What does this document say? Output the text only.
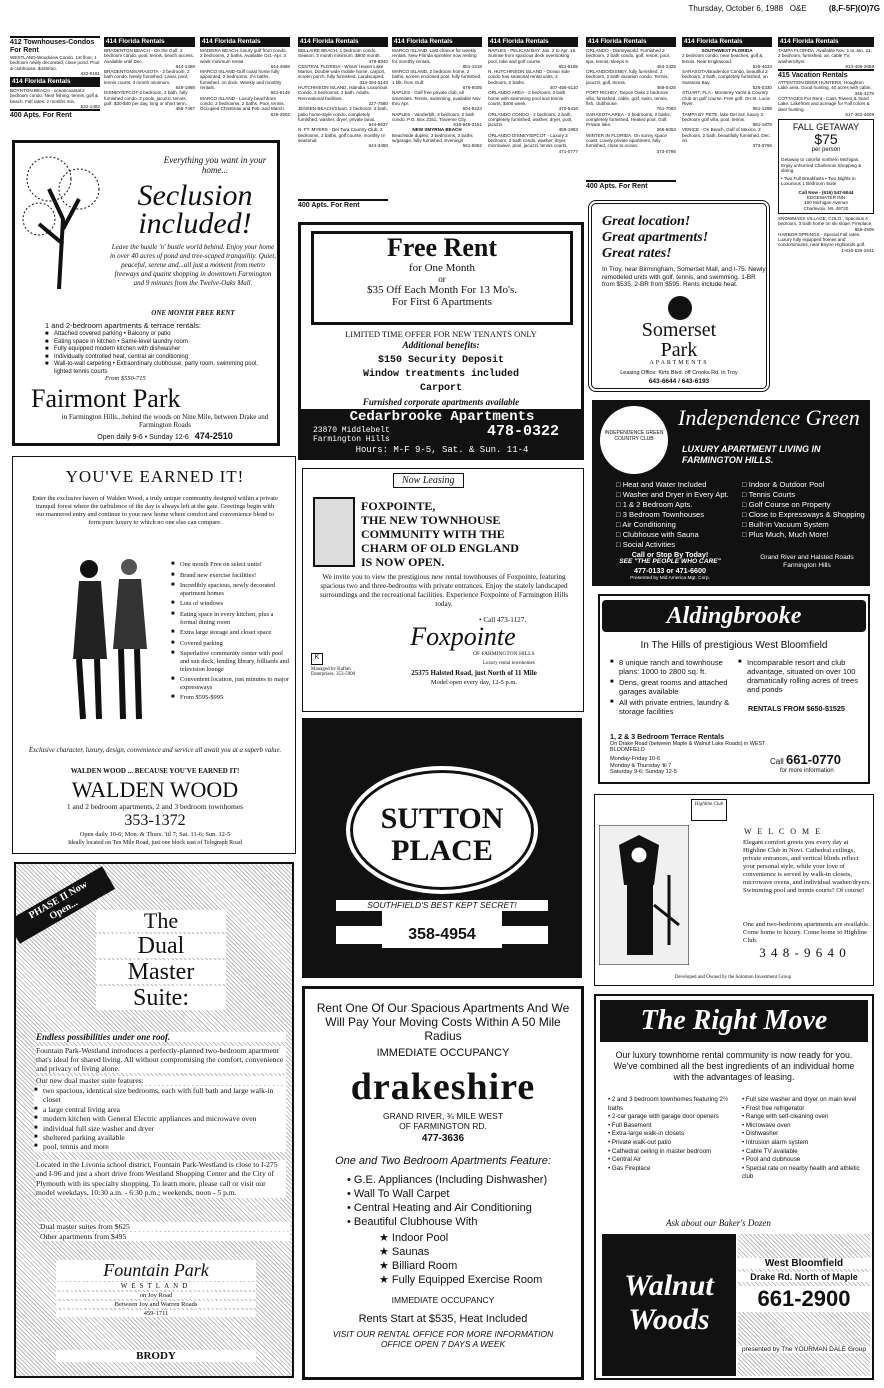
Thursday, October 6, 1988 O&E	(8,F-5F)(O)7G
412 Townhouses-Condos For Rent
WESTLAND-Woodview Condo, 1st floor, 1 bedroom newly decorated, close pond. Pool & clubhouse. $425/mo.
422-5181
414 Florida Rentals
BOYNTON BEACH - oceancoastal 2 bedroom condo. Near fishing, tennis, golf & beach. Fall rates. 2 months min.
532-1482
400 Apts. For Rent
414 Florida Rentals
BRADENTON BEACH - On the Gulf. 2 bedroom condo, pool, tennis, beach access. Available until Dec.
644-1458
BRADENTON/SARASOTA - 2 bedroom, 2 bath condo. Newly furnished. Lanai, pool, tennis courts, 3 month minimum.
648-1868
DISNEY/EPCOT-2 bedroom, 2 bath, fully furnished condo. 2 pools, jacuzzi, tennis, golf. $30-$40 per day, long or short term.
455-7467
414 Florida Rentals
MADEIRA BEACH, luxury gulf front condo, 2 bedrooms, 2 baths. Available Oct.-Apr. 3 week minimum rental.
644-4868
MARCO ISLAND-Gulf coast home fully appointed, 2 bedrooms, 2½ baths, furnished, on dock. Weekly and monthly rentals.
661-6145
MARCO ISLAND - Luxury beachfront condo. 2 bedrooms, 2 baths. Pool, tennis. Occupied Christmas and Feb. and March.
626-2502
414 Florida Rentals
BELLAIRE BEACH, 1 bedroom condo. Season, 3 month minimum. $900 month.
478-6940
CENTRAL FLORIDA - Winter Haven Lake Marion. Double wide mobile home, carport, screen porch, fully furnished. Landscaped.
313-394-5140
HUTCHINSON ISLAND, Islandia. Luxurious Condo, 2 bedrooms, 2 bath. Adults. Recreational facilities.
227-7580
JENSEN BEACH/Stuart, 2 bedroom, 2 bath, patio home-style condo, completely furnished, washer, dryer, private lanai.
644-9637
N. FT. MYERS - Del Tura Country Club, 2 bedrooms, 2 baths, golf course, monthly or seasonal.
644-3450
400 Apts. For Rent
414 Florida Rentals
MARCO ISLAND: Last chance for weekly rentals. New Florida sprinkler now renting for monthly rentals.
851-1618
MARCO ISLAND, 2 bedroom home, 2 baths, screen enclosed pool, fully furnished. 1 blk. from Gulf.
676-6005
NAPLES - Golf free private club, all amenities. Tennis, swimming, available Nov thru Apr.
504-9224
NAPLES - Vanderbilt, 3 bedroom, 2 bath condo. P.O. Box 3151, Traverse City.
616-946-3151
NEW SMYRNA BEACH
Beachside duplex, 2 bedrooms, 2 baths w/garage, fully furnished. Evenings
561-5652
414 Florida Rentals
NAPLES - PELICAN BAY. Jan. 2 to Apr. 15. Sunrise from spacious deck overlooking pool, lake and golf course.
651-5185
N. HUTCHINSON ISLAND - Ocean side condo has seasonal rental units, 2 bedroom, 2 baths.
407-465-6110
ORLANDO AREA - 2 bedroom, 2 bath home with swimming pool and tennis courts, $400 week.
470-5416
ORLANDO CONDO - 2 bedroom, 2 bath, completely furnished, washer, dryer, pool, jacuzzi.
459-1983
ORLANDO DISNEY/EPCOT - Luxury 2 bedroom, 2 bath condo, washer, dryer, microwave, pool, jacuzzi, tennis courts.
471-0777
414 Florida Rentals
ORLANDO - Disneyworld. Furnished 2 bedroom, 2 bath condo, golf, resort, pool, spa, tennis, sleeps 6.
453-2325
ORLANDO/DISNEY, fully furnished, 2 bedroom, 2 bath vacation condo. Tennis, jacuzzi, golf, tennis.
458-0425
PORT RICHEY, Tarpon Oaks 2 bedroom villa, furnished, cable, golf, swim, tennis, fish, clubhouse.
761-7063
SARASOTA AREA - 2 bedrooms, 2 baths, completely furnished. Heated pool, Golf. Private lake.
266-5053
WINTER IN FLORIDA. On sunny space coast. Lovely private apartment, fully furnished, close to ocean.
373-0766
400 Apts. For Rent
414 Florida Rentals
SOUTHWEST FLORIDA
2 bedroom condo, near beaches, golf & tennis. Near Englewood.
625-4634
SARASOTA/Bradenton Condo, beautiful 2 bedroom, 2 bath, completely furnished, on Sarasota Bay.
525-0330
STUART, FLA - Monterey Yacht & Country Club on golf course. Free golf. On St. Lucie River.
961-1298
TAMPA BY PETE, lake Del Sol, luxury 2 bedroom golf villa, pool, tennis.
981-1879
VENICE - On Beach, Gulf of Mexico. 2 bedroom, 2 bath, beautifully furnished. Dec. on.
373-0766
414 Florida Rentals
TAMPA FLORIDA. Available Nov. 1 to Jan. 21, 2 bedroom, furnished, air, cable TV, washer/dryer.
813-406-2658
415 Vacation Rentals
ATTENTION DEER HUNTERS. Houghton Lake area. Good hunting, 40 acres with cabin.
345-4278
COTTAGES For Rent - Cass Towers & Sand Lake. Lakefront and acreage for Fall colors & deer hunting.
517-362-4609
FALL GETAWAY
$75
per person
Getaway to colorful northern Michigan. Enjoy unhurried Charlevoix Shopping & dining.
• Two Full Breakfasts • Two Nights in Luxurious 1 Bedroom Suite
Call Now - (616) 547-6044
EDGEWATER INN
100 Michigan Avenue
Charlevoix, MI. 49720
SNOWMASS VILLAGE, COLO., Spacious 4 bedroom, 3 bath home on ski slope. Fireplace.
665-4505
HARBOR SPRINGS - Special Fall rates. Luxury fully equipped homes and condominiums, near Boyne Highlands golf.
1-616-526-2641
Everything you want in your home...
Seclusion
included!
Leave the hustle 'n' bustle world behind. Enjoy your home in over 40 acres of pond and tree-scaped tranquility. Quiet, peaceful, serene and...all just a moment from metro freeways and quaint shopping in downtown Farmington and 9 minutes from the Twelve-Oaks Mall.
ONE MONTH FREE RENT
1 and 2-bedroom apartments & terrace rentals:
■ Attached covered parking • Balcony or patio
■ Eating space in kitchen • Same-level laundry room
■ Fully equipped modern kitchen with dishwasher
■ Individually controlled heat, central air conditioning
■ Wall-to-wall carpeting • Extraordinary clubhouse, party room, swimming pool, lighted tennis courts
From $550-715
Fairmont Park
in Farmington Hills...behind the woods on Nine Mile, between Drake and Farmington Roads
Open daily 9-6 • Sunday 12-6 474-2510
YOU'VE EARNED IT!
Enter the exclusive haven of Walden Wood, a truly unique community designed within a private tranquil forest where the turbulence of the day is always left at the gate. Greetings begin with our mannered entry and continue to your new home where comfort and convenience blend to form pure luxury to which no one else can compare.
■ One month Free on select units!
■ Brand new exercise facilities!
■ Incredibly spacious, newly decorated apartment homes
■ Lots of windows
■ Eating space in every kitchen, plus a formal dining room
■ Extra large storage and closet space
■ Covered parking
■ Superlative community center with pool and sun deck, lending library, billiards and television lounge
■ Convenient location, just minutes to major expressways
■ From $595-$995
Exclusive character, luxury, design, convenience and service all await you at a superb value.
WALDEN WOOD ... BECAUSE YOU'VE EARNED IT!
WALDEN WOOD
1 and 2 bedroom apartments, 2 and 3 bedroom townhomes
353-1372
Open daily 10-6; Mon. & Thurs. 'til 7; Sat. 11-6; Sun. 12-5
Ideally located on Ten Mile Road, just one block east of Telegraph Road
PHASE II Now Open...	The
Dual
Master
Suite:
Endless possibilities under one roof.
Fountain Park-Westland introduces a perfectly-planned two-bedroom apartment that's ideal for shared living. All without compromising the comfort, convenience and privacy of living alone.
Our new dual master suite features:
■ two spacious, identical size bedrooms, each with full bath and large walk-in closet
■ a large central living area
■ modern kitchen with General Electric appliances and microwave oven
■ individual full size washer and dryer
■ sheltered parking available
■ pool, tennis and more
Located in the Livonia school district, Fountain Park-Westland is close to I-275 and I-96 and just a short drive from Westland Shopping Center and the City of Plymouth with its specialty shopping. To learn more, please call or visit our model weekdays, 10:30 a.m. - 6:30 p.m.; weekends, noon - 5 p.m.
Dual master suites from $625
Other apartments from $495
Fountain Park
WESTLAND
on Joy Road
Between Joy and Warren Roads
459-1711
BRODY
Free Rent
for One Month
or
$35 Off Each Month For 13 Mo's.
For First 6 Apartments
LIMITED TIME OFFER FOR NEW TENANTS ONLY
Additional benefits:
$150 Security Deposit
Window treatments included
Carport
Furnished corporate apartments available
Cedarbrooke Apartments
23870 Middlebelt
Farmington Hills	478-0322
Hours: M-F 9-5, Sat. & Sun. 11-4
Now Leasing
FOXPOINTE,
THE NEW TOWNHOUSE
COMMUNITY WITH THE
CHARM OF OLD ENGLAND
IS NOW OPEN.
We invite you to view the prestigious new rental townhouses of Foxpointe, featuring spacious two and three-bedrooms with private entrances. Enjoy the stately landscaped surroundings and the recreational facilities. Experience Foxpointe of Farmington Hills today.
• Call 473-1127.
Foxpointe
OF FARMINGTON HILLS
Luxury rental townhomes
K
Managed by Kaftan Enterprises, 353-5900	25375 Halsted Road, just North of 11 Mile
Model open every day, 12-5 p.m.
SUTTON
PLACE
SOUTHFIELD'S BEST KEPT SECRET!
358-4954
Rent One Of Our Spacious Apartments And We Will Pay Your Moving Costs Within A 50 Mile Radius
IMMEDIATE OCCUPANCY
drakeshire
GRAND RIVER, ¾ MILE WEST
OF FARMINGTON RD.
477-3636
One and Two Bedroom Apartments Feature:
• G.E. Appliances (Including Dishwasher)
• Wall To Wall Carpet
• Central Heating and Air Conditioning
• Beautiful Clubhouse With
★ Indoor Pool
★ Saunas
★ Billiard Room
★ Fully Equipped Exercise Room
IMMEDIATE OCCUPANCY
Rents Start at $535, Heat Included
VISIT OUR RENTAL OFFICE FOR MORE INFORMATION OFFICE OPEN 7 DAYS A WEEK
Great location!
Great apartments!
Great rates!
In Troy, near Birmingham, Somerset Mall, and I-75. Newly remodeled units with golf, tennis, and swimming. 1-BR from $535. 2-BR from $595. Rents include heat.
Somerset
Park
APARTMENTS
Leasing Office: Kirts Blvd. off Crooks Rd. in Troy
643-6644 / 643-6193
INDEPENDENCE GREEN COUNTRY CLUB
Independence Green
LUXURY APARTMENT LIVING IN FARMINGTON HILLS.
□ Heat and Water Included
□ Washer and Dryer in Every Apt.
□ 1 & 2 Bedroom Apts.
□ 3 Bedroom Townhouses
□ Air Conditioning
□ Clubhouse with Sauna
□ Social Activities
□ Indoor & Outdoor Pool
□ Tennis Courts
□ Golf Course on Property
□ Close to Expressways & Shopping
□ Built-in Vacuum System
□ Plus Much, Much More!
Call or Stop By Today!
SEE "THE PEOPLE WHO CARE"
477-0133 or 471-6600
Presented by Mid America Mgt. Corp.
Grand River and Halsted Roads Farmington Hills
Aldingbrooke
In The Hills of prestigious West Bloomfield
■ 8 unique ranch and townhouse plans: 1000 to 2800 sq. ft.
■ Dens, great rooms and attached garages available
■ All with private entries, laundry & storage facilities
■ Incomparable resort and club advantage, situated on over 100 dramatically rolling acres of trees and ponds
RENTALS FROM $650-$1525
1, 2 & 3 Bedroom Terrace Rentals
On Drake Road (between Maple & Walnut Lake Roads) in WEST BLOOMFIELD
Monday-Friday 10-6
Monday & Thursday 'til 7
Saturday 9-6; Sunday 12-5
Call 661-0770
for more information
Highline Club
W E L C O M E
Elegant comfort greets you every day at Highline Club in Novi. Cathedral ceilings, private entrances, and vertical blinds reflect your personal style, while your love of convenience is served by walk-in closets, microwave ovens, and individual washer/dryers. Swimming pool and tennis courts? Of course!
One and two-bedroom apartments are available. Come home to luxury. Come home to Highline Club.
3 4 8 - 9 6 4 0
Developed and Owned by the Solomon Investment Group
The Right Move
Our luxury townhome rental community is now ready for you. We've combined all the best ingredients of an individual home with the advantages of leasing.
• 2 and 3 bedroom townhomes featuring 2½ baths
• 2-car garage with garage door openers
• Full Basement
• Extra-large walk-in closets
• Private walk-out patio
• Cathedral ceiling in master bedroom
• Central Air
• Gas Fireplace
• Full size washer and dryer on main level
• Frost free refrigerator
• Range with self-cleaning oven
• Microwave oven
• Dishwasher
• Intrusion alarm system
• Cable TV available
• Pool and clubhouse
• Special rate on nearby health and athletic club
Ask about our Baker's Dozen
Walnut
Woods
West Bloomfield
Drake Rd. North of Maple
661-2900
presented by The YOURMAN DALE Group
